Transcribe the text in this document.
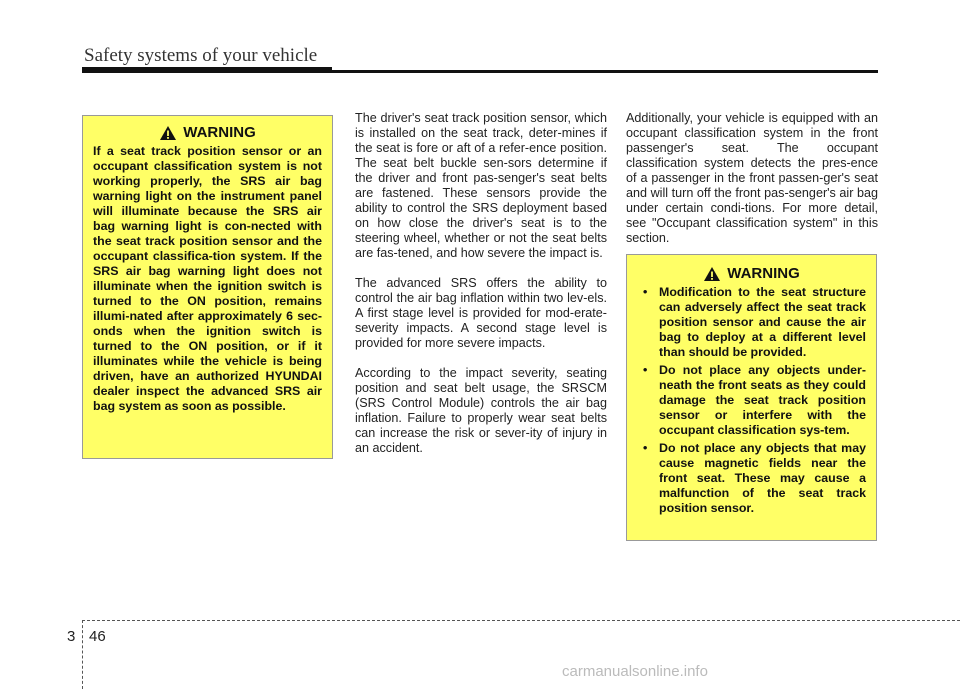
Safety systems of your vehicle
WARNING

If a seat track position sensor or an occupant classification system is not working properly, the SRS air bag warning light on the instrument panel will illuminate because the SRS air bag warning light is con-nected with the seat track position sensor and the occupant classifica-tion system. If the SRS air bag warning light does not illuminate when the ignition switch is turned to the ON position, remains illumi-nated after approximately 6 sec-onds when the ignition switch is turned to the ON position, or if it illuminates while the vehicle is being driven, have an authorized HYUNDAI dealer inspect the advanced SRS air bag system as soon as possible.

The driver's seat track position sensor, which is installed on the seat track, deter-mines if the seat is fore or aft of a refer-ence position. The seat belt buckle sen-sors determine if the driver and front pas-senger's seat belts are fastened. These sensors provide the ability to control the SRS deployment based on how close the driver's seat is to the steering wheel, whether or not the seat belts are fas-tened, and how severe the impact is.

The advanced SRS offers the ability to control the air bag inflation within two lev-els. A first stage level is provided for mod-erate-severity impacts. A second stage level is provided for more severe impacts.

According to the impact severity, seating position and seat belt usage, the SRSCM (SRS Control Module) controls the air bag inflation. Failure to properly wear seat belts can increase the risk or sever-ity of injury in an accident.

Additionally, your vehicle is equipped with an occupant classification system in the front passenger's seat. The occupant classification system detects the pres-ence of a passenger in the front passen-ger's seat and will turn off the front pas-senger's air bag under certain condi-tions. For more detail, see "Occupant classification system" in this section.

WARNING
• Modification to the seat structure can adversely affect the seat track position sensor and cause the air bag to deploy at a different level than should be provided.
• Do not place any objects under-neath the front seats as they could damage the seat track position sensor or interfere with the occupant classification sys-tem.
• Do not place any objects that may cause magnetic fields near the front seat. These may cause a malfunction of the seat track position sensor.
3 46
carmanualsonline.info
